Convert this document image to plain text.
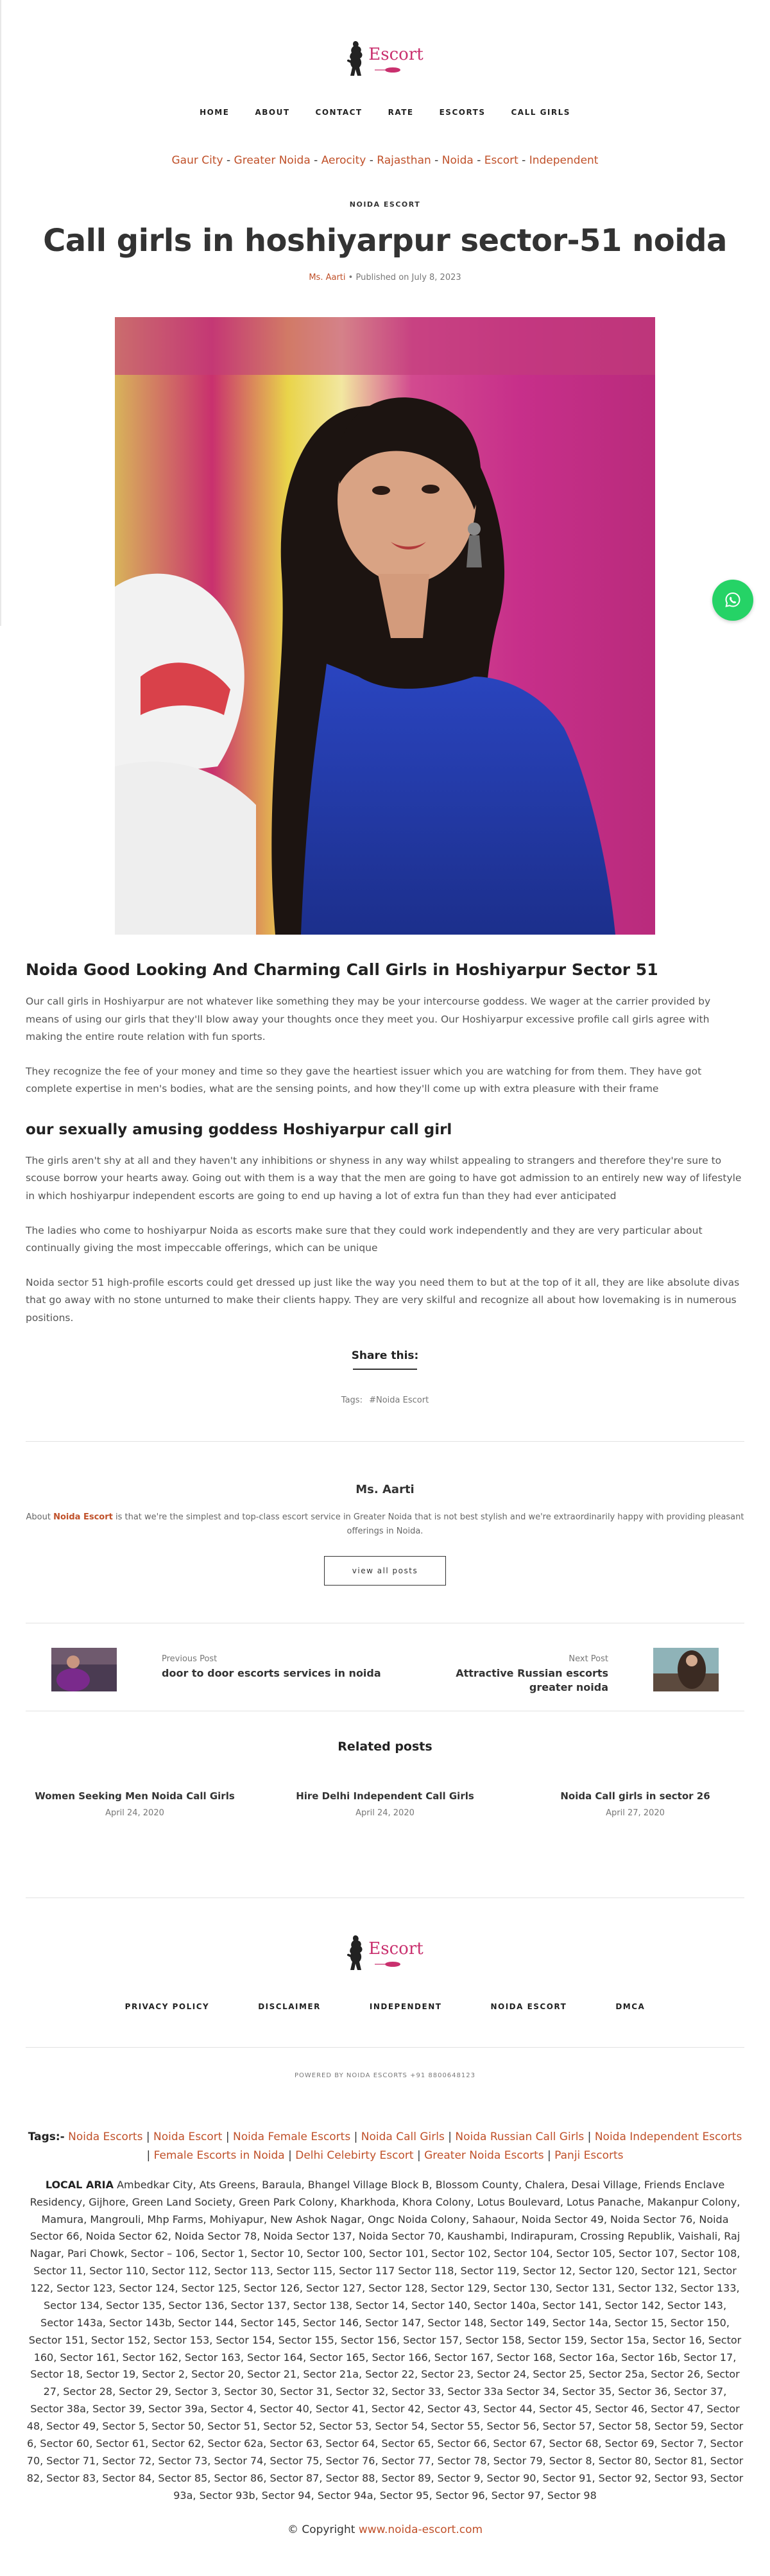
Escort
HOME	ABOUT	CONTACT	RATE	ESCORTS	CALL GIRLS
Gaur City - Greater Noida - Aerocity - Rajasthan - Noida - Escort - Independent
NOIDA ESCORT
Call girls in hoshiyarpur sector-51 noida
Ms. Aarti • Published on July 8, 2023
Noida Good Looking And Charming Call Girls in Hoshiyarpur Sector 51

Our call girls in Hoshiyarpur are not whatever like something they may be your intercourse goddess. We wager at the carrier provided by means of using our girls that they'll blow away your thoughts once they meet you. Our Hoshiyarpur excessive profile call girls agree with making the entire route relation with fun sports.

They recognize the fee of your money and time so they gave the heartiest issuer which you are watching for from them. They have got complete expertise in men's bodies, what are the sensing points, and how they'll come up with extra pleasure with their frame

our sexually amusing goddess Hoshiyarpur call girl

The girls aren't shy at all and they haven't any inhibitions or shyness in any way whilst appealing to strangers and therefore they're sure to scouse borrow your hearts away. Going out with them is a way that the men are going to have got admission to an entirely new way of lifestyle in which hoshiyarpur independent escorts are going to end up having a lot of extra fun than they had ever anticipated

The ladies who come to hoshiyarpur Noida as escorts make sure that they could work independently and they are very particular about continually giving the most impeccable offerings, which can be unique

Noida sector 51 high-profile escorts could get dressed up just like the way you need them to but at the top of it all, they are like absolute divas that go away with no stone unturned to make their clients happy. They are very skilful and recognize all about how lovemaking is in numerous positions.

Share this:
Tags: #Noida Escort
Ms. Aarti
About Noida Escort is that we're the simplest and top-class escort service in Greater Noida that is not best stylish and we're extraordinarily happy with providing pleasant offerings in Noida.
view all posts
Previous Post
door to door escorts services in noida
Next Post
Attractive Russian escorts greater noida
Related posts
Women Seeking Men Noida Call Girls
April 24, 2020
Hire Delhi Independent Call Girls
April 24, 2020
Noida Call girls in sector 26
April 27, 2020
Escort
PRIVACY POLICY	DISCLAIMER	INDEPENDENT	NOIDA ESCORT	DMCA
POWERED BY NOIDA ESCORTS +91 8800648123
Tags:- Noida Escorts | Noida Escort | Noida Female Escorts | Noida Call Girls | Noida Russian Call Girls | Noida Independent Escorts | Female Escorts in Noida | Delhi Celebirty Escort | Greater Noida Escorts | Panji Escorts
LOCAL ARIA Ambedkar City, Ats Greens, Baraula, Bhangel Village Block B, Blossom County, Chalera, Desai Village, Friends Enclave Residency, Gijhore, Green Land Society, Green Park Colony, Kharkhoda, Khora Colony, Lotus Boulevard, Lotus Panache, Makanpur Colony, Mamura, Mangrouli, Mhp Farms, Mohiyapur, New Ashok Nagar, Ongc Noida Colony, Sahaour, Noida Sector 49, Noida Sector 76, Noida Sector 66, Noida Sector 62, Noida Sector 78, Noida Sector 137, Noida Sector 70, Kaushambi, Indirapuram, Crossing Republik, Vaishali, Raj Nagar, Pari Chowk, Sector – 106, Sector 1, Sector 10, Sector 100, Sector 101, Sector 102, Sector 104, Sector 105, Sector 107, Sector 108, Sector 11, Sector 110, Sector 112, Sector 113, Sector 115, Sector 117 Sector 118, Sector 119, Sector 12, Sector 120, Sector 121, Sector 122, Sector 123, Sector 124, Sector 125, Sector 126, Sector 127, Sector 128, Sector 129, Sector 130, Sector 131, Sector 132, Sector 133, Sector 134, Sector 135, Sector 136, Sector 137, Sector 138, Sector 14, Sector 140, Sector 140a, Sector 141, Sector 142, Sector 143, Sector 143a, Sector 143b, Sector 144, Sector 145, Sector 146, Sector 147, Sector 148, Sector 149, Sector 14a, Sector 15, Sector 150, Sector 151, Sector 152, Sector 153, Sector 154, Sector 155, Sector 156, Sector 157, Sector 158, Sector 159, Sector 15a, Sector 16, Sector 160, Sector 161, Sector 162, Sector 163, Sector 164, Sector 165, Sector 166, Sector 167, Sector 168, Sector 16a, Sector 16b, Sector 17, Sector 18, Sector 19, Sector 2, Sector 20, Sector 21, Sector 21a, Sector 22, Sector 23, Sector 24, Sector 25, Sector 25a, Sector 26, Sector 27, Sector 28, Sector 29, Sector 3, Sector 30, Sector 31, Sector 32, Sector 33, Sector 33a Sector 34, Sector 35, Sector 36, Sector 37, Sector 38a, Sector 39, Sector 39a, Sector 4, Sector 40, Sector 41, Sector 42, Sector 43, Sector 44, Sector 45, Sector 46, Sector 47, Sector 48, Sector 49, Sector 5, Sector 50, Sector 51, Sector 52, Sector 53, Sector 54, Sector 55, Sector 56, Sector 57, Sector 58, Sector 59, Sector 6, Sector 60, Sector 61, Sector 62, Sector 62a, Sector 63, Sector 64, Sector 65, Sector 66, Sector 67, Sector 68, Sector 69, Sector 7, Sector 70, Sector 71, Sector 72, Sector 73, Sector 74, Sector 75, Sector 76, Sector 77, Sector 78, Sector 79, Sector 8, Sector 80, Sector 81, Sector 82, Sector 83, Sector 84, Sector 85, Sector 86, Sector 87, Sector 88, Sector 89, Sector 9, Sector 90, Sector 91, Sector 92, Sector 93, Sector 93a, Sector 93b, Sector 94, Sector 94a, Sector 95, Sector 96, Sector 97, Sector 98
© Copyright www.noida-escort.com
